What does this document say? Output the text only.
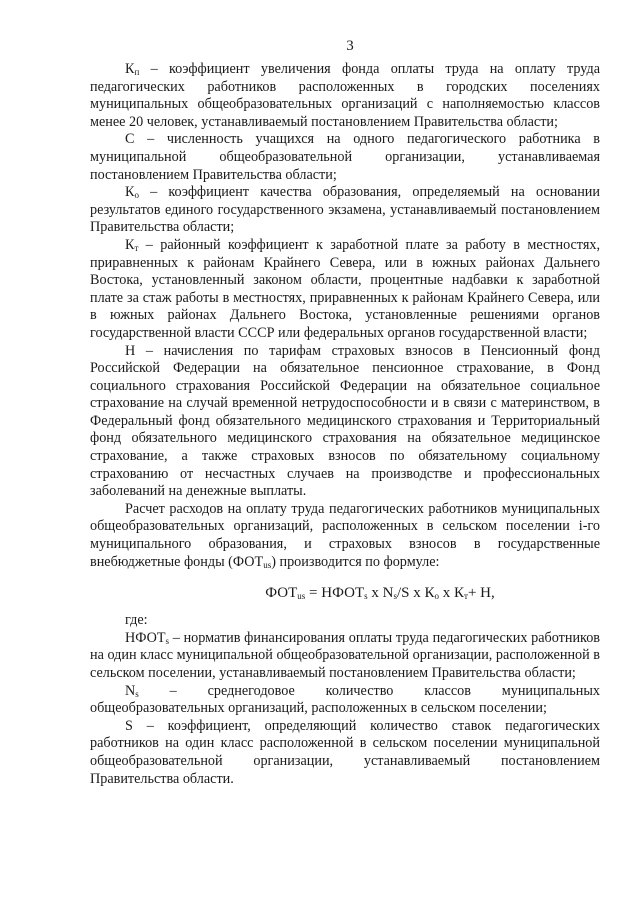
3

$К_п$ – коэффициент увеличения фонда оплаты труда на оплату труда педагогических работников расположенных в городских поселениях муниципальных общеобразовательных организаций с наполняемостью классов менее 20 человек, устанавливаемый постановлением Правительства области;

С – численность учащихся на одного педагогического работника в муниципальной общеобразовательной организации, устанавливаемая постановлением Правительства области;

$К_о$ – коэффициент качества образования, определяемый на основании результатов единого государственного экзамена, устанавливаемый постановлением Правительства области;

$К_т$ – районный коэффициент к заработной плате за работу в местностях, приравненных к районам Крайнего Севера, или в южных районах Дальнего Востока, установленный законом области, процентные надбавки к заработной плате за стаж работы в местностях, приравненных к районам Крайнего Севера, или в южных районах Дальнего Востока, установленные решениями органов государственной власти СССР или федеральных органов государственной власти;

Н – начисления по тарифам страховых взносов в Пенсионный фонд Российской Федерации на обязательное пенсионное страхование, в Фонд социального страхования Российской Федерации на обязательное социальное страхование на случай временной нетрудоспособности и в связи с материнством, в Федеральный фонд обязательного медицинского страхования и Территориальный фонд обязательного медицинского страхования на обязательное медицинское страхование, а также страховых взносов по обязательному социальному страхованию от несчастных случаев на производстве и профессиональных заболеваний на денежные выплаты.

Расчет расходов на оплату труда педагогических работников муниципальных общеобразовательных организаций, расположенных в сельском поселении i-го муниципального образования, и страховых взносов в государственные внебюджетные фонды $(ФОТ_{us})$ производится по формуле:

$ФОТ_{us}$ = $НФОТ_s$ х $N_s/S$ х $К_о$ х $К_т+ Н$,

где:

$НФОТ_s$ – норматив финансирования оплаты труда педагогических работников на один класс муниципальной общеобразовательной организации, расположенной в сельском поселении, устанавливаемый постановлением Правительства области;

$N_s$ – среднегодовое количество классов муниципальных общеобразовательных организаций, расположенных в сельском поселении;

S – коэффициент, определяющий количество ставок педагогических работников на один класс расположенной в сельском поселении муниципальной общеобразовательной организации, устанавливаемый постановлением Правительства области.
